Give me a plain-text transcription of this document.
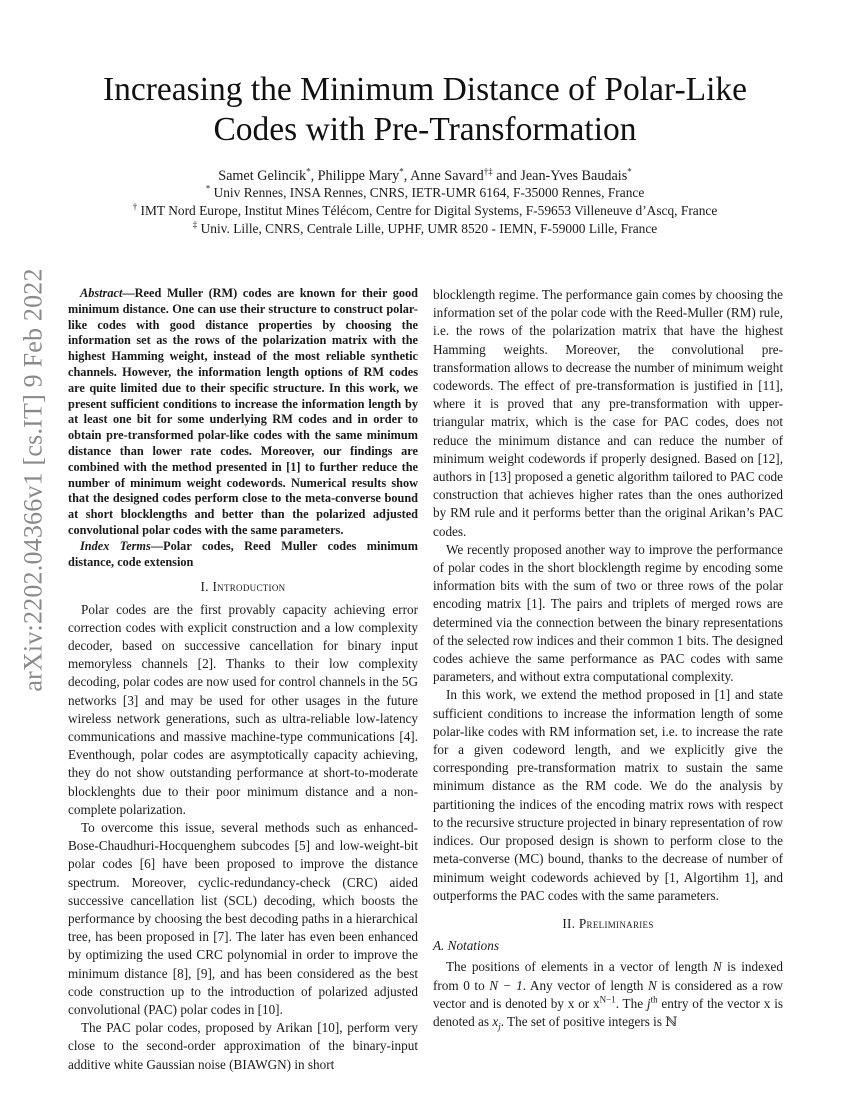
arXiv:2202.04366v1 [cs.IT] 9 Feb 2022
Increasing the Minimum Distance of Polar-Like Codes with Pre-Transformation
Samet Gelincik*, Philippe Mary*, Anne Savard†‡ and Jean-Yves Baudais*
* Univ Rennes, INSA Rennes, CNRS, IETR-UMR 6164, F-35000 Rennes, France
† IMT Nord Europe, Institut Mines Télécom, Centre for Digital Systems, F-59653 Villeneuve d’Ascq, France
‡ Univ. Lille, CNRS, Centrale Lille, UPHF, UMR 8520 - IEMN, F-59000 Lille, France

Abstract—Reed Muller (RM) codes are known for their good minimum distance. One can use their structure to construct polar-like codes with good distance properties by choosing the information set as the rows of the polarization matrix with the highest Hamming weight, instead of the most reliable synthetic channels. However, the information length options of RM codes are quite limited due to their specific structure. In this work, we present sufficient conditions to increase the information length by at least one bit for some underlying RM codes and in order to obtain pre-transformed polar-like codes with the same minimum distance than lower rate codes. Moreover, our findings are combined with the method presented in [1] to further reduce the number of minimum weight codewords. Numerical results show that the designed codes perform close to the meta-converse bound at short blocklengths and better than the polarized adjusted convolutional polar codes with the same parameters.

Index Terms—Polar codes, Reed Muller codes minimum distance, code extension

I. Introduction

Polar codes are the first provably capacity achieving error correction codes with explicit construction and a low complexity decoder, based on successive cancellation for binary input memoryless channels [2]. Thanks to their low complexity decoding, polar codes are now used for control channels in the 5G networks [3] and may be used for other usages in the future wireless network generations, such as ultra-reliable low-latency communications and massive machine-type communications [4]. Eventhough, polar codes are asymptotically capacity achieving, they do not show outstanding performance at short-to-moderate blocklenghts due to their poor minimum distance and a non-complete polarization.

To overcome this issue, several methods such as enhanced-Bose-Chaudhuri-Hocquenghem subcodes [5] and low-weight-bit polar codes [6] have been proposed to improve the distance spectrum. Moreover, cyclic-redundancy-check (CRC) aided successive cancellation list (SCL) decoding, which boosts the performance by choosing the best decoding paths in a hierarchical tree, has been proposed in [7]. The later has even been enhanced by optimizing the used CRC polynomial in order to improve the minimum distance [8], [9], and has been considered as the best code construction up to the introduction of polarized adjusted convolutional (PAC) polar codes in [10].

The PAC polar codes, proposed by Arikan [10], perform very close to the second-order approximation of the binary-input additive white Gaussian noise (BIAWGN) in short

blocklength regime. The performance gain comes by choosing the information set of the polar code with the Reed-Muller (RM) rule, i.e. the rows of the polarization matrix that have the highest Hamming weights. Moreover, the convolutional pre-transformation allows to decrease the number of minimum weight codewords. The effect of pre-transformation is justified in [11], where it is proved that any pre-transformation with upper-triangular matrix, which is the case for PAC codes, does not reduce the minimum distance and can reduce the number of minimum weight codewords if properly designed. Based on [12], authors in [13] proposed a genetic algorithm tailored to PAC code construction that achieves higher rates than the ones authorized by RM rule and it performs better than the original Arikan’s PAC codes.

We recently proposed another way to improve the performance of polar codes in the short blocklength regime by encoding some information bits with the sum of two or three rows of the polar encoding matrix [1]. The pairs and triplets of merged rows are determined via the connection between the binary representations of the selected row indices and their common 1 bits. The designed codes achieve the same performance as PAC codes with same parameters, and without extra computational complexity.

In this work, we extend the method proposed in [1] and state sufficient conditions to increase the information length of some polar-like codes with RM information set, i.e. to increase the rate for a given codeword length, and we explicitly give the corresponding pre-transformation matrix to sustain the same minimum distance as the RM code. We do the analysis by partitioning the indices of the encoding matrix rows with respect to the recursive structure projected in binary representation of row indices. Our proposed design is shown to perform close to the meta-converse (MC) bound, thanks to the decrease of number of minimum weight codewords achieved by [1, Algortihm 1], and outperforms the PAC codes with the same parameters.

II. Preliminaries
A. Notations

The positions of elements in a vector of length N is indexed from 0 to N − 1. Any vector of length N is considered as a row vector and is denoted by x or $x^{N-1}$. The $j^{th}$ entry of the vector x is denoted as $x_j$. The set of positive integers is ℕ
